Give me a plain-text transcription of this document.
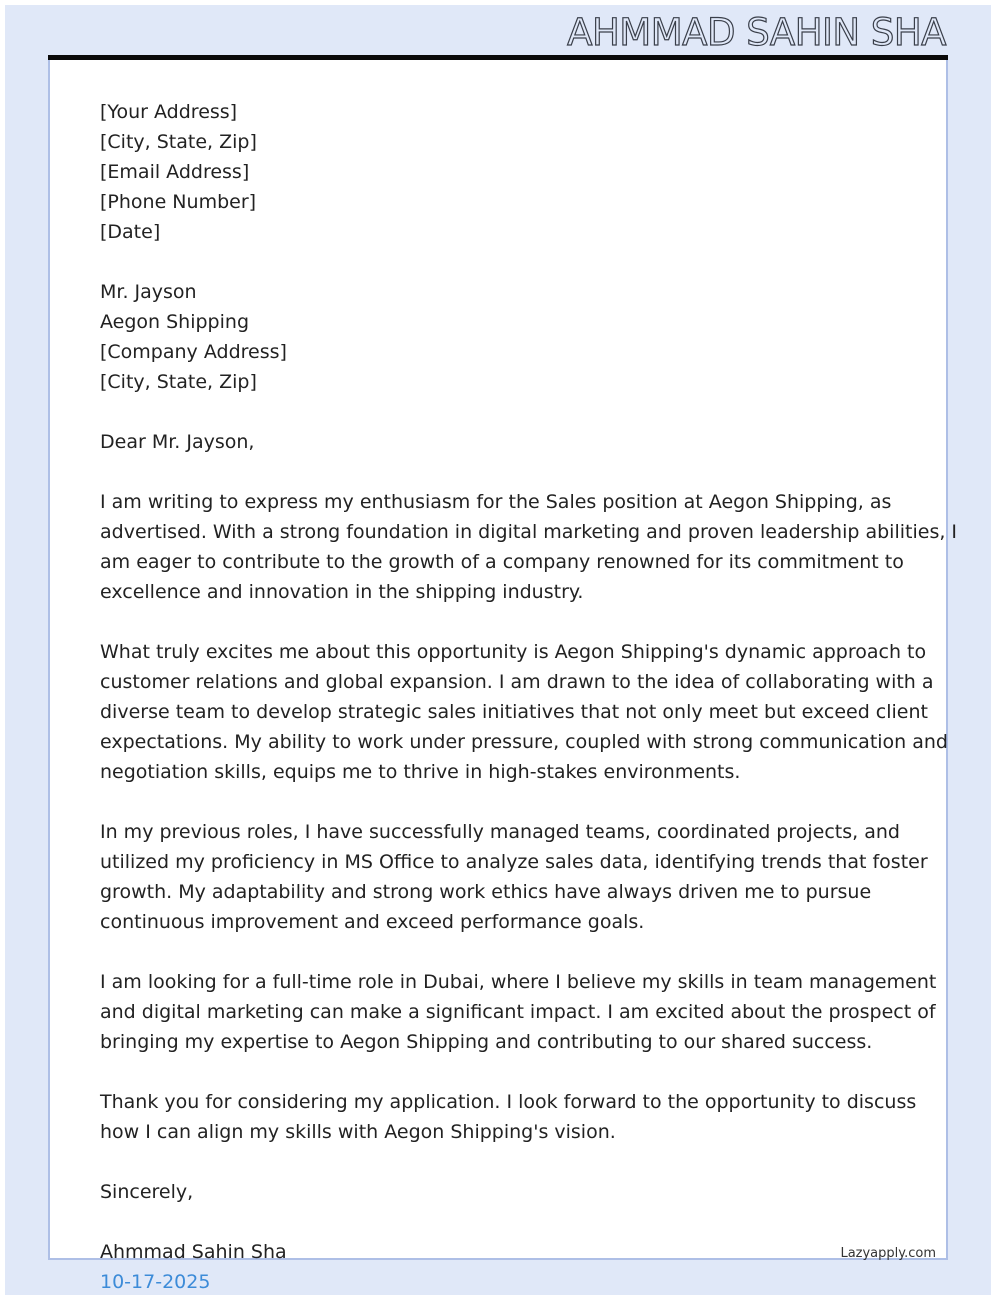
AHMMAD SAHIN SHA
[Your Address]
[City, State, Zip]
[Email Address]
[Phone Number]
[Date]
Mr. Jayson
Aegon Shipping
[Company Address]
[City, State, Zip]
Dear Mr. Jayson,

I am writing to express my enthusiasm for the Sales position at Aegon Shipping, as
advertised. With a strong foundation in digital marketing and proven leadership abilities, I
am eager to contribute to the growth of a company renowned for its commitment to
excellence and innovation in the shipping industry.

What truly excites me about this opportunity is Aegon Shipping's dynamic approach to
customer relations and global expansion. I am drawn to the idea of collaborating with a
diverse team to develop strategic sales initiatives that not only meet but exceed client
expectations. My ability to work under pressure, coupled with strong communication and
negotiation skills, equips me to thrive in high-stakes environments.

In my previous roles, I have successfully managed teams, coordinated projects, and
utilized my proficiency in MS Office to analyze sales data, identifying trends that foster
growth. My adaptability and strong work ethics have always driven me to pursue
continuous improvement and exceed performance goals.

I am looking for a full-time role in Dubai, where I believe my skills in team management
and digital marketing can make a significant impact. I am excited about the prospect of
bringing my expertise to Aegon Shipping and contributing to our shared success.

Thank you for considering my application. I look forward to the opportunity to discuss
how I can align my skills with Aegon Shipping's vision.

Sincerely,
Ahmmad Sahin Sha
10-17-2025
Lazyapply.com
